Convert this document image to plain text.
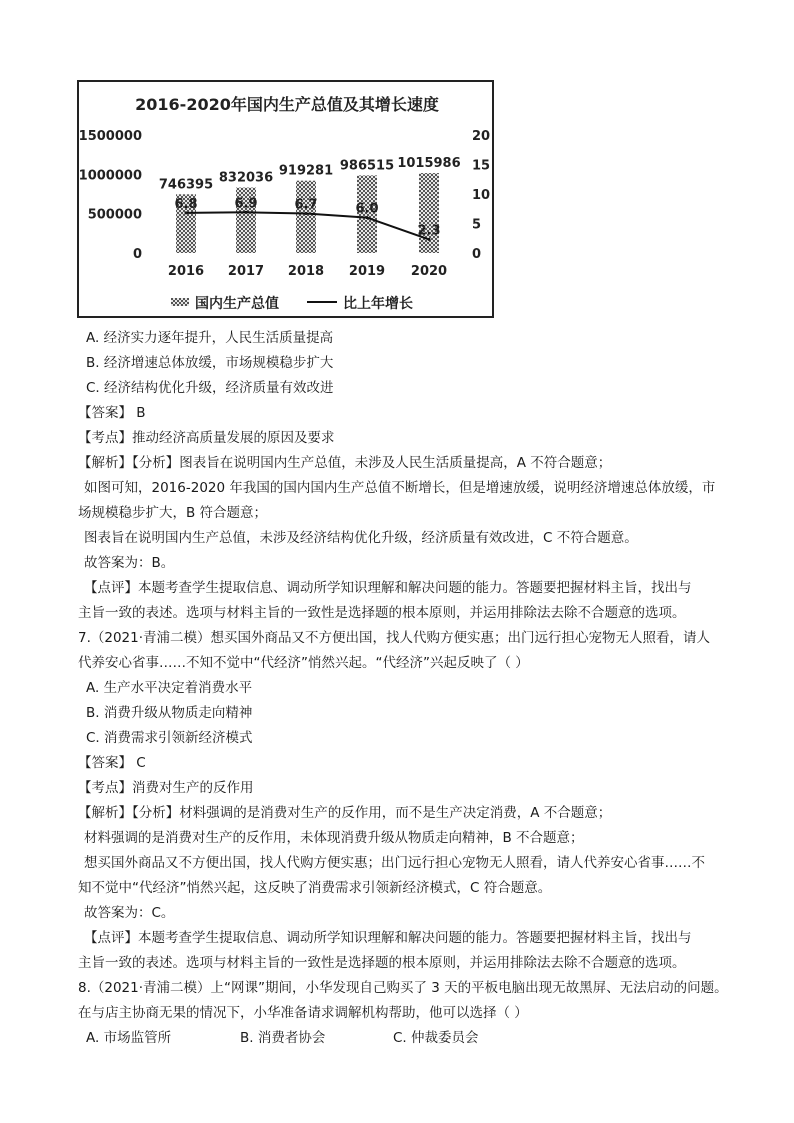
2016-2020年国内生产总值及其增长速度
0
500000
1000000
1500000
0
5
10
15
20
746395 832036 919281 986515 1015986
6.8	6.9	6.7	6.0
2.3
2016 2017 2018 2019 2020
国内生产总值	比上年增长
A. 经济实力逐年提升，人民生活质量提高
B. 经济增速总体放缓，市场规模稳步扩大
C. 经济结构优化升级，经济质量有效改进
【答案】 B
【考点】推动经济高质量发展的原因及要求
【解析】【分析】图表旨在说明国内生产总值，未涉及人民生活质量提高，A 不符合题意；
如图可知，2016-2020 年我国的国内国内生产总值不断增长，但是增速放缓，说明经济增速总体放缓，市
场规模稳步扩大，B 符合题意；
图表旨在说明国内生产总值，未涉及经济结构优化升级，经济质量有效改进，C 不符合题意。
故答案为：B。
【点评】本题考查学生提取信息、调动所学知识理解和解决问题的能力。答题要把握材料主旨，找出与
主旨一致的表述。选项与材料主旨的一致性是选择题的根本原则，并运用排除法去除不合题意的选项。
7.（2021·青浦二模）想买国外商品又不方便出国，找人代购方便实惠；出门远行担心宠物无人照看，请人
代养安心省事……不知不觉中“代经济”悄然兴起。“代经济”兴起反映了（ ）
A. 生产水平决定着消费水平
B. 消费升级从物质走向精神
C. 消费需求引领新经济模式
【答案】 C
【考点】消费对生产的反作用
【解析】【分析】材料强调的是消费对生产的反作用，而不是生产决定消费，A 不合题意；
材料强调的是消费对生产的反作用，未体现消费升级从物质走向精神，B 不合题意；
想买国外商品又不方便出国，找人代购方便实惠；出门远行担心宠物无人照看，请人代养安心省事……不
知不觉中“代经济”悄然兴起，这反映了消费需求引领新经济模式，C 符合题意。
故答案为：C。
【点评】本题考查学生提取信息、调动所学知识理解和解决问题的能力。答题要把握材料主旨，找出与
主旨一致的表述。选项与材料主旨的一致性是选择题的根本原则，并运用排除法去除不合题意的选项。
8.（2021·青浦二模）上“网课”期间，小华发现自己购买了 3 天的平板电脑出现无故黑屏、无法启动的问题。
在与店主协商无果的情况下，小华准备请求调解机构帮助，他可以选择（ ）
A. 市场监管所	B. 消费者协会	C. 仲裁委员会
